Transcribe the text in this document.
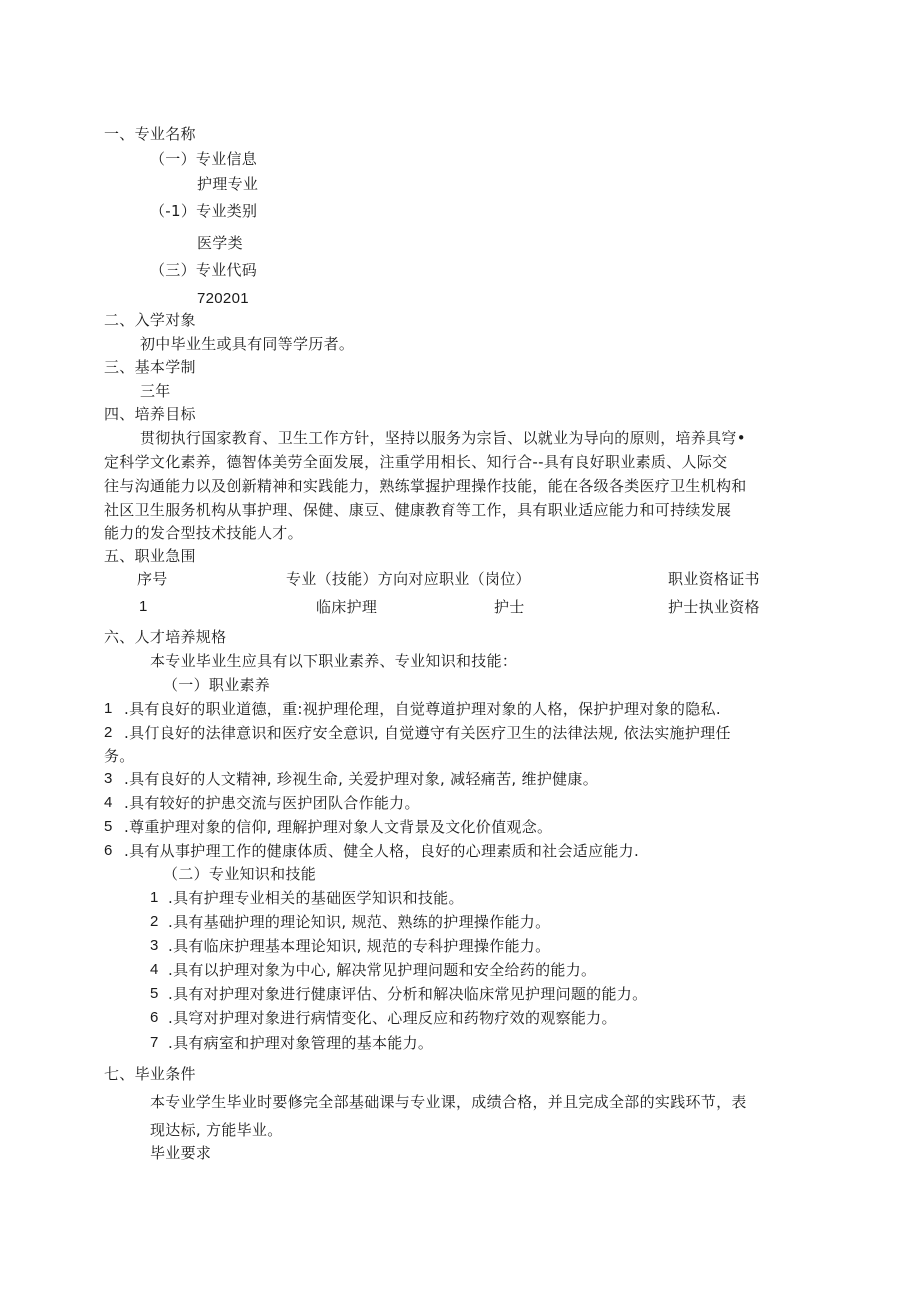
一、专业名称
（一）专业信息
护理专业
（-1）专业类别
医学类
（三）专业代码
720201
二、入学对象
初中毕业生或具有同等学历者。
三、基本学制
三年
四、培养目标
贯彻执行国家教育、卫生工作方针，坚持以服务为宗旨、以就业为导向的原则，培养具穹•
定科学文化素养，德智体美劳全面发展，注重学用相长、知行合--具有良好职业素质、人际交
往与沟通能力以及创新精神和实践能力，熟练掌握护理操作技能，能在各级各类医疗卫生机构和
社区卫生服务机构从事护理、保健、康豆、健康教育等工作，具有职业适应能力和可持续发展
能力的发合型技术技能人才。
五、职业急围
序号	专业（技能）方向对应职业（岗位）	职业资格证书
1	临床护理	护士	护士执业资格
六、人才培养规格
本专业毕业生应具有以下职业素养、专业知识和技能：
（一）职业素养
1 .具有良好的职业道德，重:视护理伦理，自觉尊道护理对象的人格，保护护理对象的隐私.
2 .具仃良好的法律意识和医疗安全意识, 自觉遵守有关医疗卫生的法律法规, 依法实施护理任
务。
3 .具有良好的人文精神, 珍视生命, 关爱护理对象, 减轻痛苦, 维护健康。
4 .具有较好的护患交流与医护团队合作能力。
5 .尊重护理对象的信仰, 理解护理对象人文背景及文化价值观念。
6 .具有从事护理工作的健康体质、健全人格，良好的心理素质和社会适应能力.
（二）专业知识和技能
1 .具有护理专业相关的基础医学知识和技能。
2 .具有基础护理的理论知识, 规范、熟练的护理操作能力。
3 .具有临床护理基本理论知识, 规范的专科护理操作能力。
4 .具有以护理对象为中心, 解决常见护理问题和安全给药的能力。
5 .具有对护理对象进行健康评估、分析和解决临床常见护理问题的能力。
6 .具穹对护理对象进行病情变化、心理反应和药物疗效的观察能力。
7 .具有病室和护理对象管理的基本能力。
七、毕业条件
本专业学生毕业时要修完全部基础课与专业课，成绩合格，并且完成全部的实践环节，表
现达标, 方能毕业。
毕业要求
